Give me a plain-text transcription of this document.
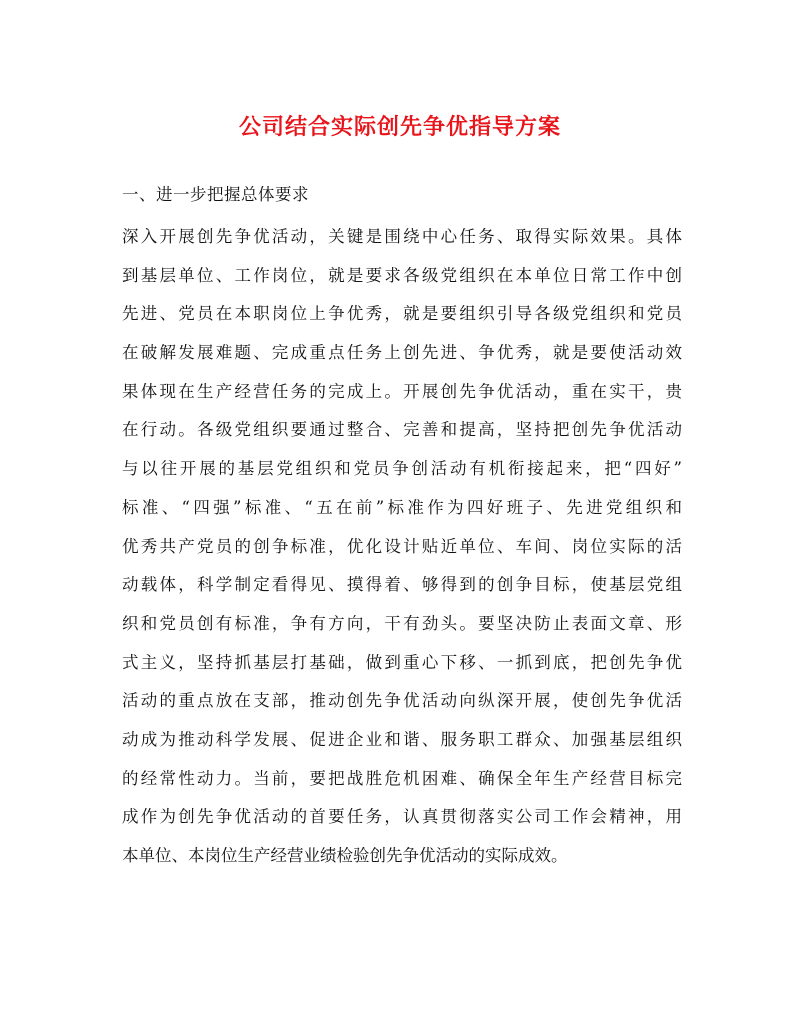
公司结合实际创先争优指导方案

一、进一步把握总体要求

深入开展创先争优活动，关键是围绕中心任务、取得实际效果。具体
到基层单位、工作岗位，就是要求各级党组织在本单位日常工作中创
先进、党员在本职岗位上争优秀，就是要组织引导各级党组织和党员
在破解发展难题、完成重点任务上创先进、争优秀，就是要使活动效
果体现在生产经营任务的完成上。开展创先争优活动，重在实干，贵
在行动。各级党组织要通过整合、完善和提高，坚持把创先争优活动
与以往开展的基层党组织和党员争创活动有机衔接起来，把“四好”
标准、“四强”标准、“五在前”标准作为四好班子、先进党组织和
优秀共产党员的创争标准，优化设计贴近单位、车间、岗位实际的活
动载体，科学制定看得见、摸得着、够得到的创争目标，使基层党组
织和党员创有标准，争有方向，干有劲头。要坚决防止表面文章、形
式主义，坚持抓基层打基础，做到重心下移、一抓到底，把创先争优
活动的重点放在支部，推动创先争优活动向纵深开展，使创先争优活
动成为推动科学发展、促进企业和谐、服务职工群众、加强基层组织
的经常性动力。当前，要把战胜危机困难、确保全年生产经营目标完
成作为创先争优活动的首要任务，认真贯彻落实公司工作会精神，用
本单位、本岗位生产经营业绩检验创先争优活动的实际成效。
